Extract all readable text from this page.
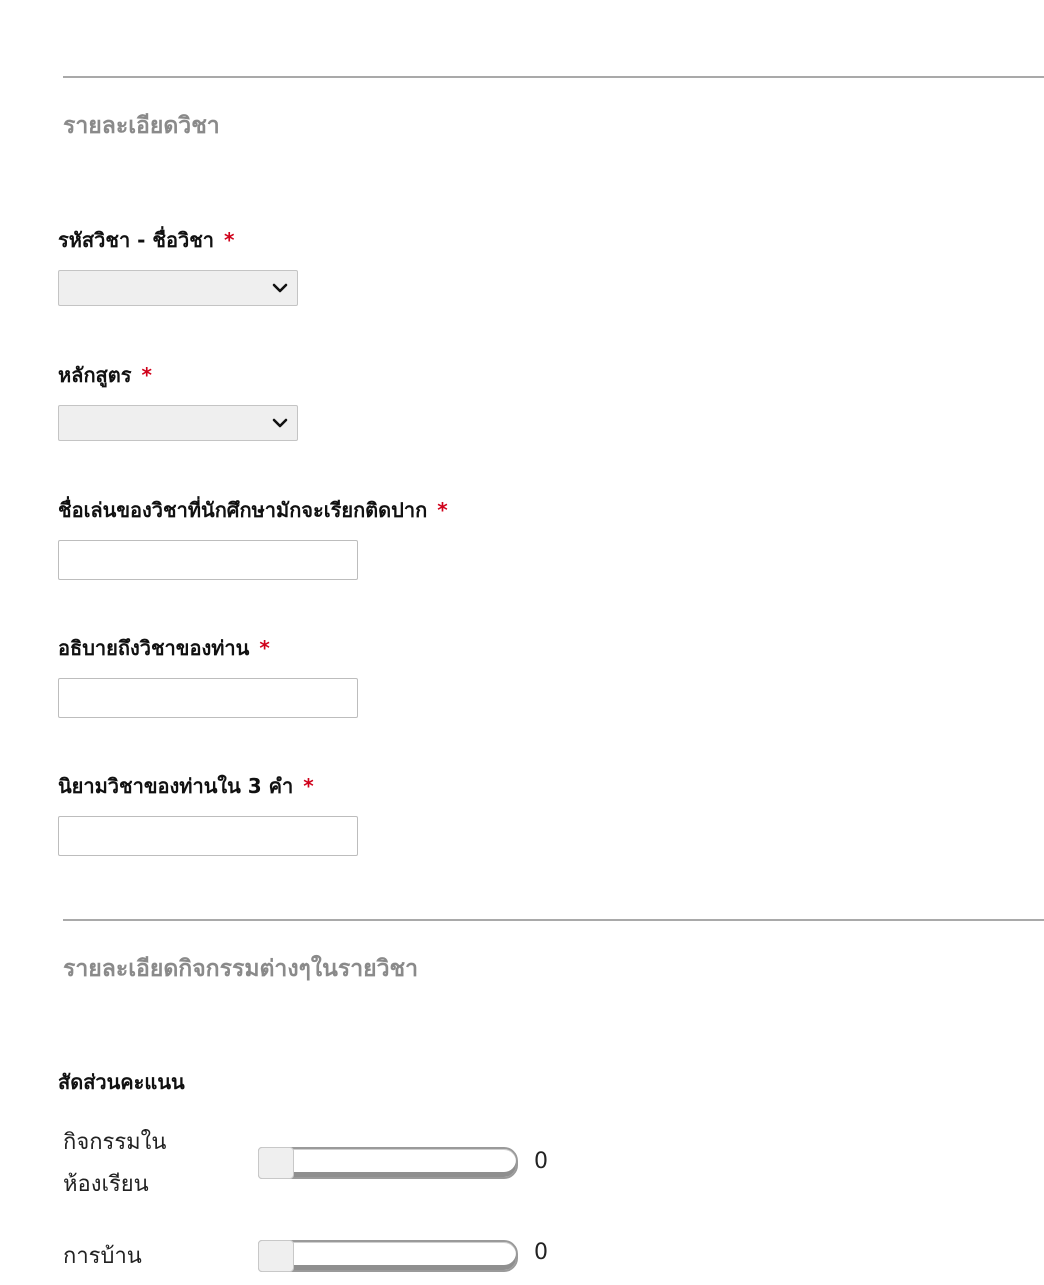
รายละเอียดวิชา
รหัสวิชา - ชื่อวิชา *
หลักสูตร *
ชื่อเล่นของวิชาที่นักศึกษามักจะเรียกติดปาก *
อธิบายถึงวิชาของท่าน *
นิยามวิชาของท่านใน 3 คำ *
รายละเอียดกิจกรรมต่างๆในรายวิชา
สัดส่วนคะแนน
กิจกรรมในห้องเรียน
0
การบ้าน	0
